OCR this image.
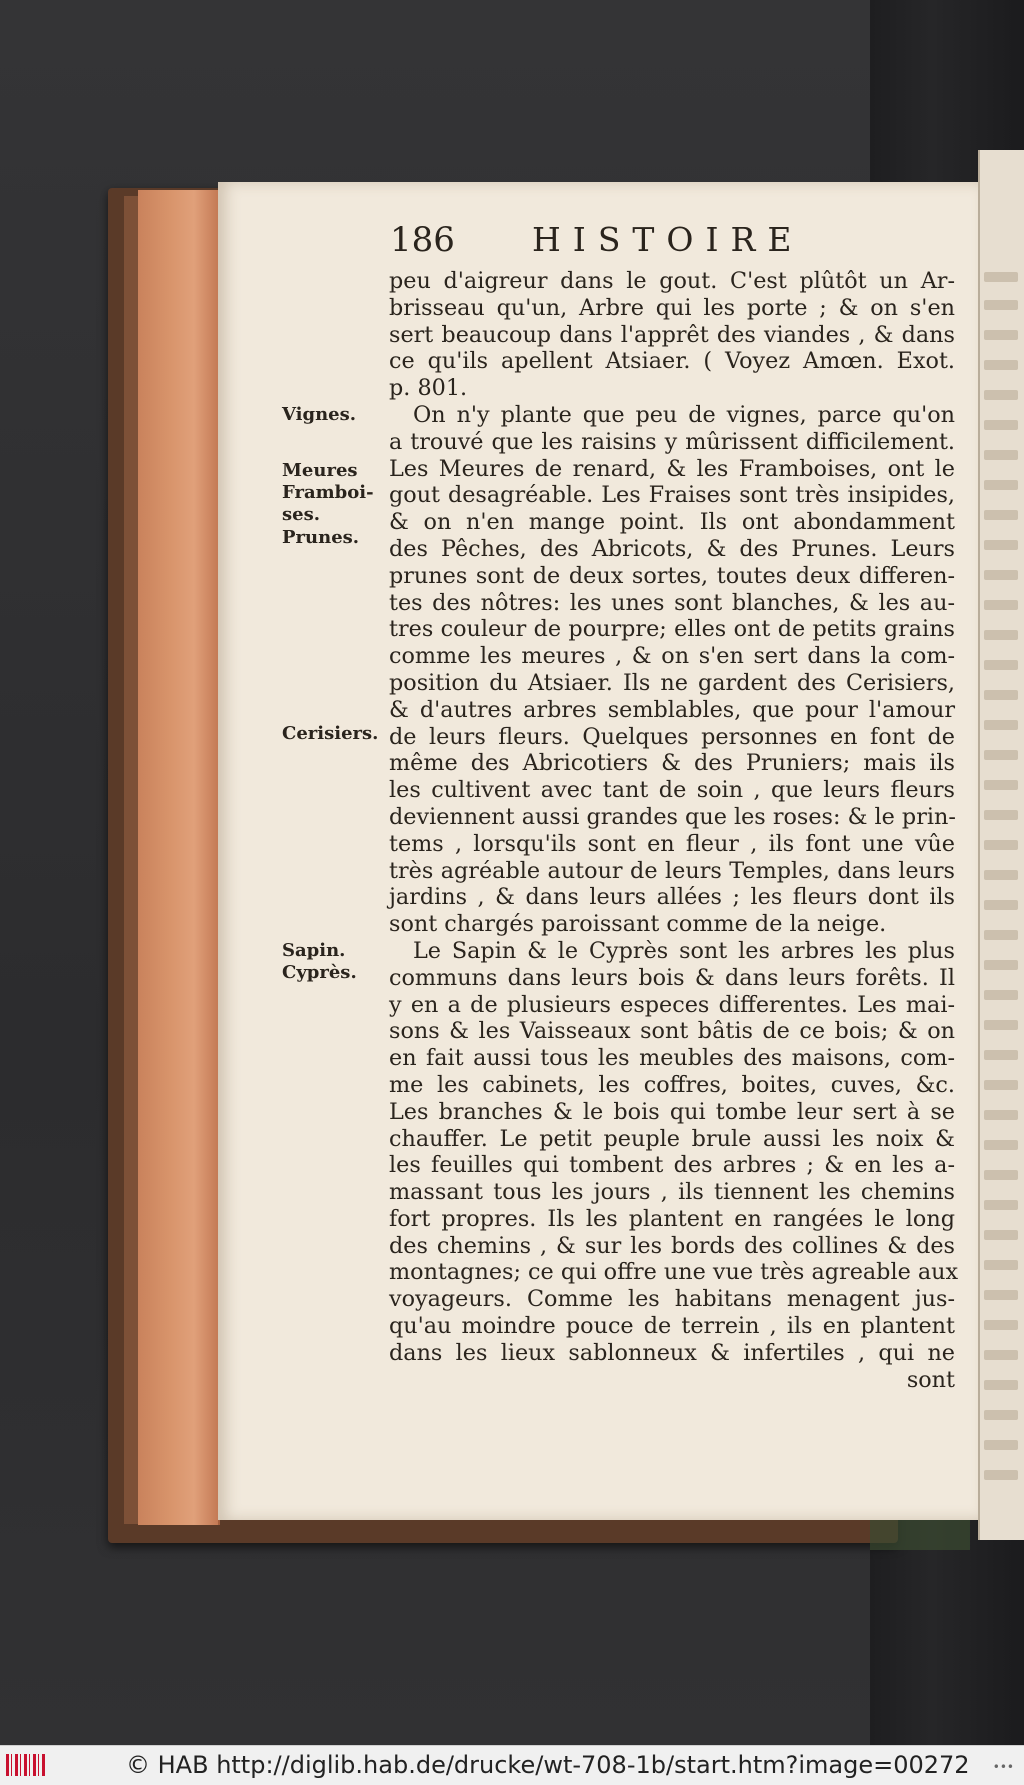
186 HISTOIRE
Vignes.
Meures
Framboi-
ses.
Prunes.
Cerisiers.
Sapin.
Cyprès.
peu d'aigreur dans le gout. C'est plûtôt un Ar-
brisseau qu'un, Arbre qui les porte ; & on s'en
sert beaucoup dans l'apprêt des viandes , & dans
ce qu'ils apellent Atsiaer. ( Voyez Amœn. Exot.
p. 801.
On n'y plante que peu de vignes, parce qu'on
a trouvé que les raisins y mûrissent difficilement.
Les Meures de renard, & les Framboises, ont le
gout desagréable. Les Fraises sont très insipides,
& on n'en mange point. Ils ont abondamment
des Pêches, des Abricots, & des Prunes. Leurs
prunes sont de deux sortes, toutes deux differen-
tes des nôtres: les unes sont blanches, & les au-
tres couleur de pourpre; elles ont de petits grains
comme les meures , & on s'en sert dans la com-
position du Atsiaer. Ils ne gardent des Cerisiers,
& d'autres arbres semblables, que pour l'amour
de leurs fleurs. Quelques personnes en font de
même des Abricotiers & des Pruniers; mais ils
les cultivent avec tant de soin , que leurs fleurs
deviennent aussi grandes que les roses: & le prin-
tems , lorsqu'ils sont en fleur , ils font une vûe
très agréable autour de leurs Temples, dans leurs
jardins , & dans leurs allées ; les fleurs dont ils
sont chargés paroissant comme de la neige.
Le Sapin & le Cyprès sont les arbres les plus
communs dans leurs bois & dans leurs forêts. Il
y en a de plusieurs especes differentes. Les mai-
sons & les Vaisseaux sont bâtis de ce bois; & on
en fait aussi tous les meubles des maisons, com-
me les cabinets, les coffres, boites, cuves, &c.
Les branches & le bois qui tombe leur sert à se
chauffer. Le petit peuple brule aussi les noix &
les feuilles qui tombent des arbres ; & en les a-
massant tous les jours , ils tiennent les chemins
fort propres. Ils les plantent en rangées le long
des chemins , & sur les bords des collines & des
montagnes; ce qui offre une vue très agreable aux
voyageurs. Comme les habitans menagent jus-
qu'au moindre pouce de terrein , ils en plantent
dans les lieux sablonneux & infertiles , qui ne
sont
© HAB http://diglib.hab.de/drucke/wt-708-1b/start.htm?image=00272 •••
